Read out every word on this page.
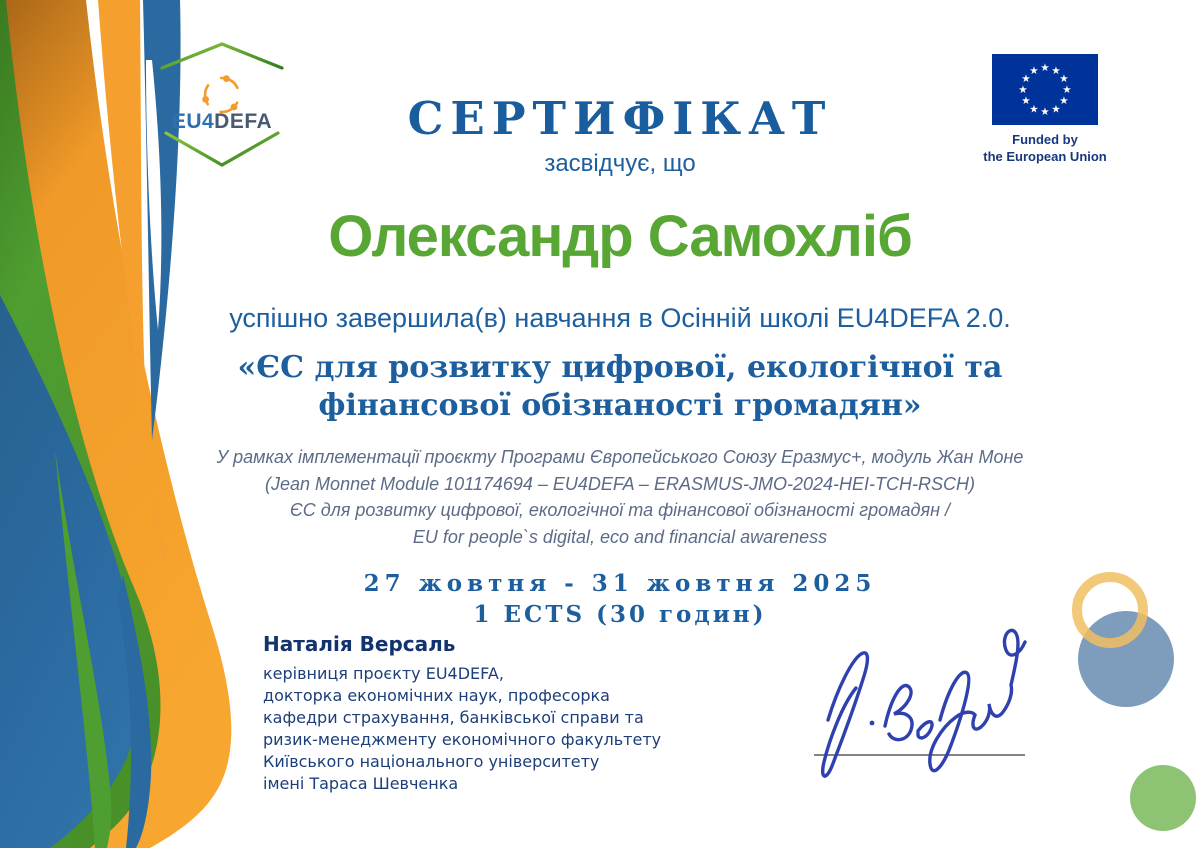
EU4DEFA	СЕРТИФІКАТ
засвідчує, що
★ ★
★
★
★
★
★
★
★
★
★
★
Funded by
the European Union
Олександр Самохліб
успішно завершила(в) навчання в Осінній школі EU4DEFA 2.0.
«ЄС для розвитку цифрової, екологічної та
фінансової обізнаності громадян»
У рамках імплементації проєкту Програми Європейського Союзу Еразмус+, модуль Жан Моне
(Jean Monnet Module 101174694 – EU4DEFA – ERASMUS-JMO-2024-HEI-TCH-RSCH)
ЄС для розвитку цифрової, екологічної та фінансової обізнаності громадян /
EU for people`s digital, eco and financial awareness
27 жовтня - 31 жовтня 2025
1 ECTS (30 годин)
Наталія Версаль
керівниця проєкту EU4DEFA,
докторка економічних наук, професорка
кафедри страхування, банківської справи та
ризик-менеджменту економічного факультету
Київського національного університету
імені Тараса Шевченка
